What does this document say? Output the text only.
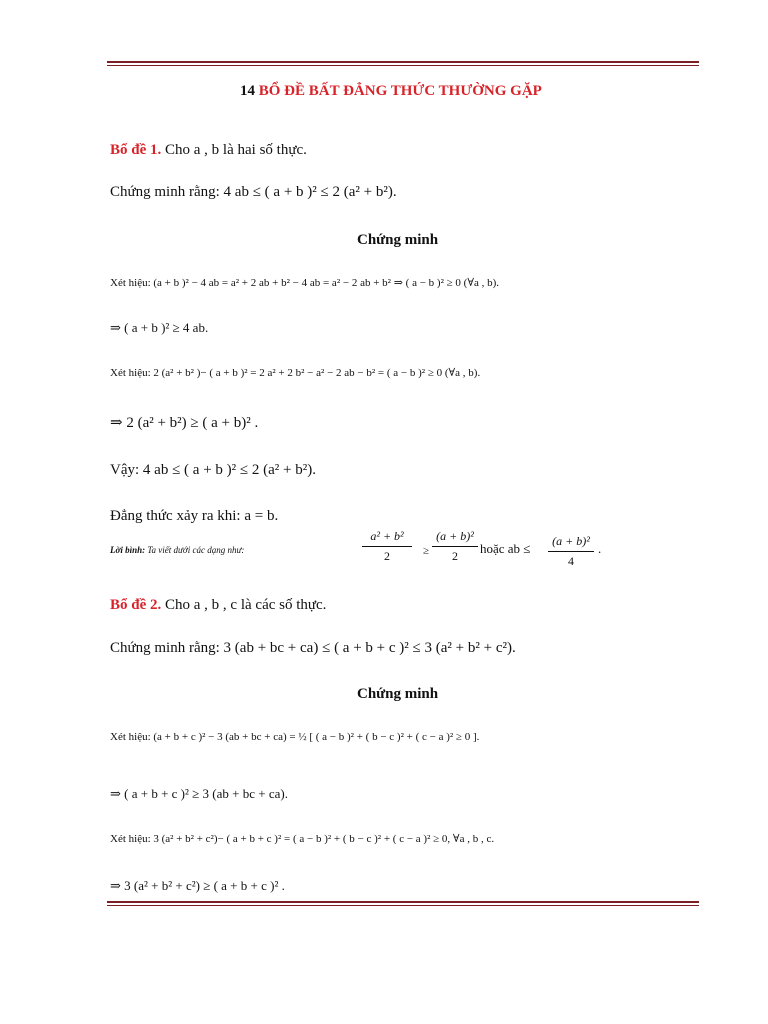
14 BỔ ĐỀ BẤT ĐẲNG THỨC THƯỜNG GẶP
Bổ đề 1. Cho a , b là hai số thực.
Chứng minh rằng: 4 ab ≤ ( a + b )² ≤ 2 (a² + b²).
Chứng minh
Xét hiệu: (a + b )² − 4 ab = a² + 2 ab + b² − 4 ab = a² − 2 ab + b² ⇒ ( a − b )² ≥ 0 (∀a , b).
⇒ ( a + b )² ≥ 4 ab.
Xét hiệu: 2 (a² + b² )− ( a + b )² = 2 a² + 2 b² − a² − 2 ab − b² = ( a − b )² ≥ 0 (∀a , b).
⇒ 2 (a² + b²) ≥ ( a + b)² .
Vậy: 4 ab ≤ ( a + b )² ≤ 2 (a² + b²).
Đẳng thức xảy ra khi: a = b.
Lời bình: Ta viết dưới các dạng như:
a² + b²
2	≥
(a + b)²
2	hoặc ab ≤	(a + b)²
4
.
Bổ đề 2. Cho a , b , c là các số thực.
Chứng minh rằng: 3 (ab + bc + ca) ≤ ( a + b + c )² ≤ 3 (a² + b² + c²).
Chứng minh
Xét hiệu: (a + b + c )² − 3 (ab + bc + ca) = ½ [ ( a − b )² + ( b − c )² + ( c − a )² ≥ 0 ].
⇒ ( a + b + c )² ≥ 3 (ab + bc + ca).
Xét hiệu: 3 (a² + b² + c²)− ( a + b + c )² = ( a − b )² + ( b − c )² + ( c − a )² ≥ 0, ∀a , b , c.
⇒ 3 (a² + b² + c²) ≥ ( a + b + c )² .
